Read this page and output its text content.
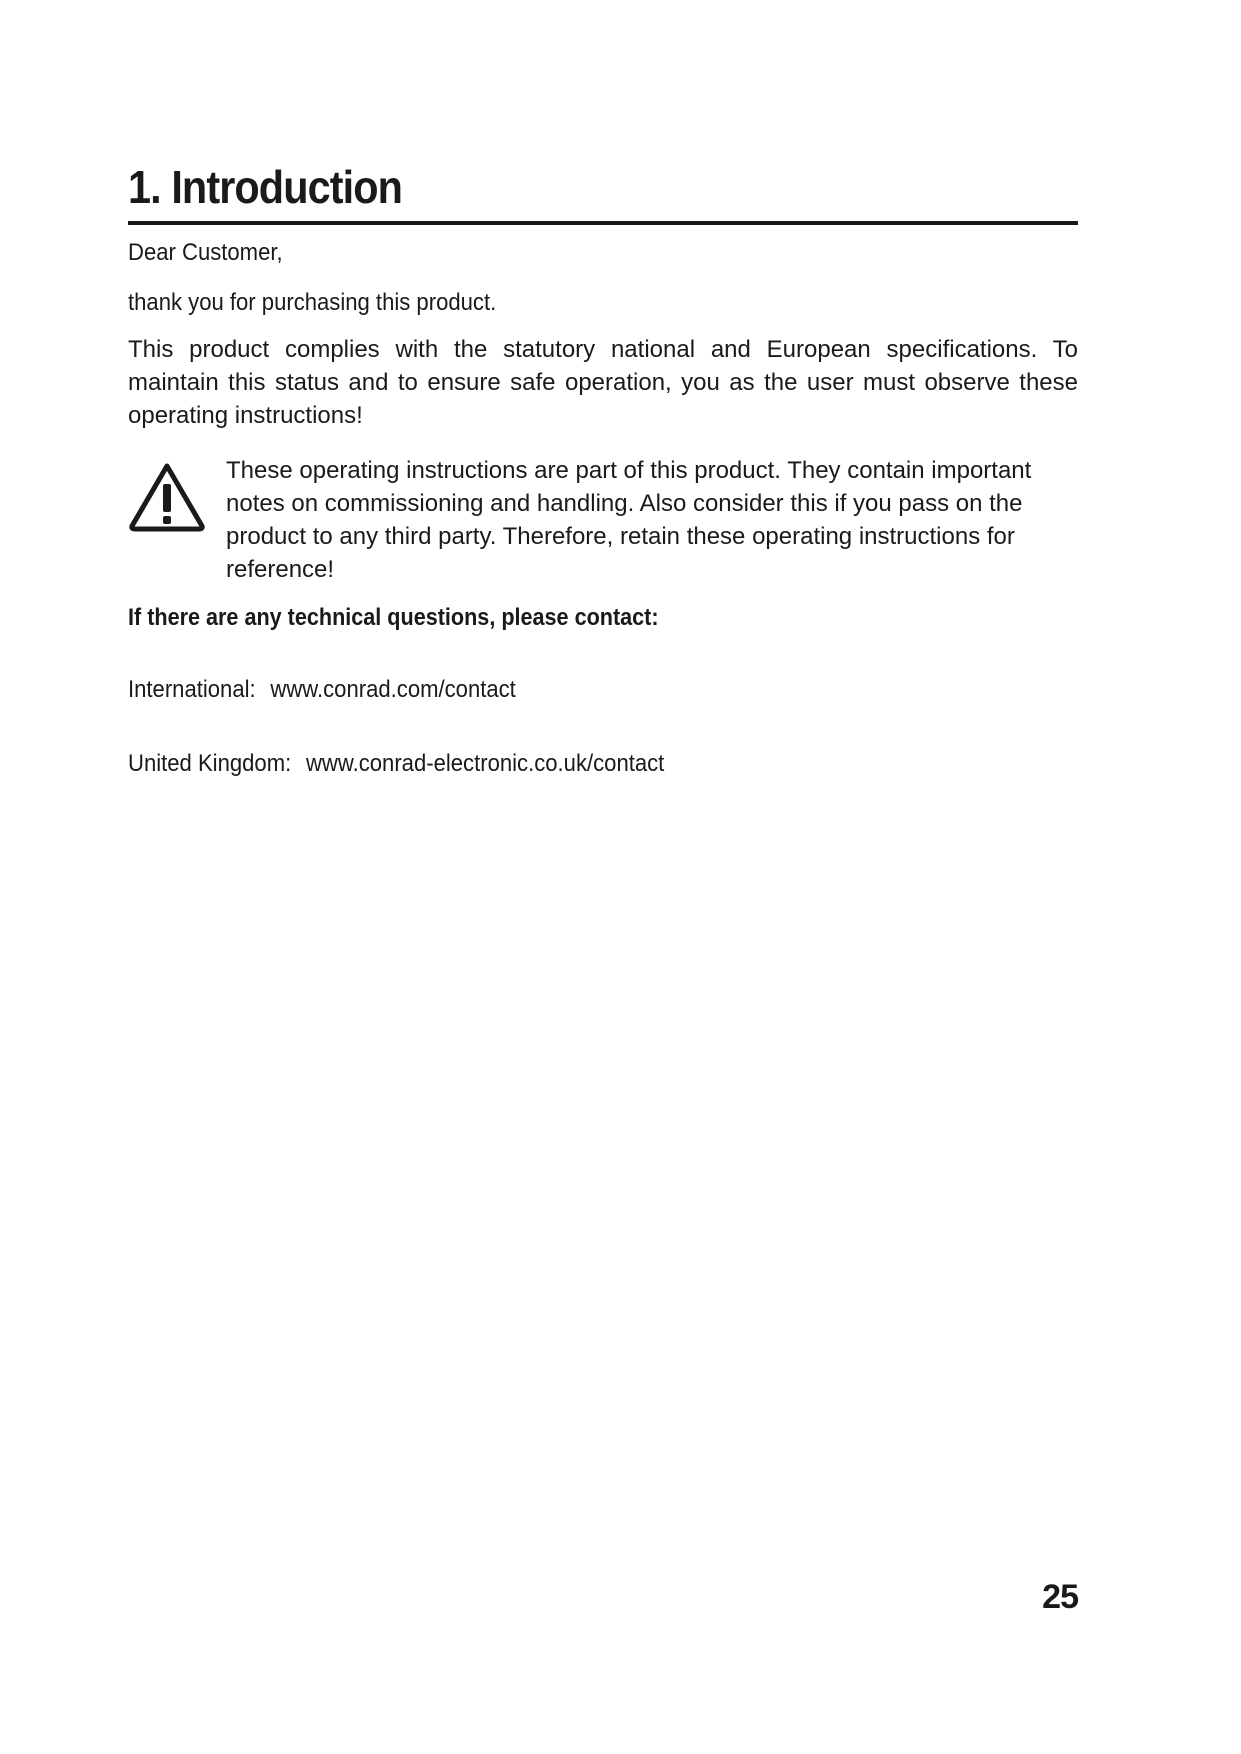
1. Introduction

Dear Customer,

thank you for purchasing this product.

This product complies with the statutory national and European specifications. To maintain this status and to ensure safe operation, you as the user must observe these operating instructions!

These operating instructions are part of this product. They contain important notes on commissioning and handling. Also consider this if you pass on the product to any third party. Therefore, retain these operating instructions for reference!

If there are any technical questions, please contact:

International: www.conrad.com/contact
United Kingdom: www.conrad-electronic.co.uk/contact
25
